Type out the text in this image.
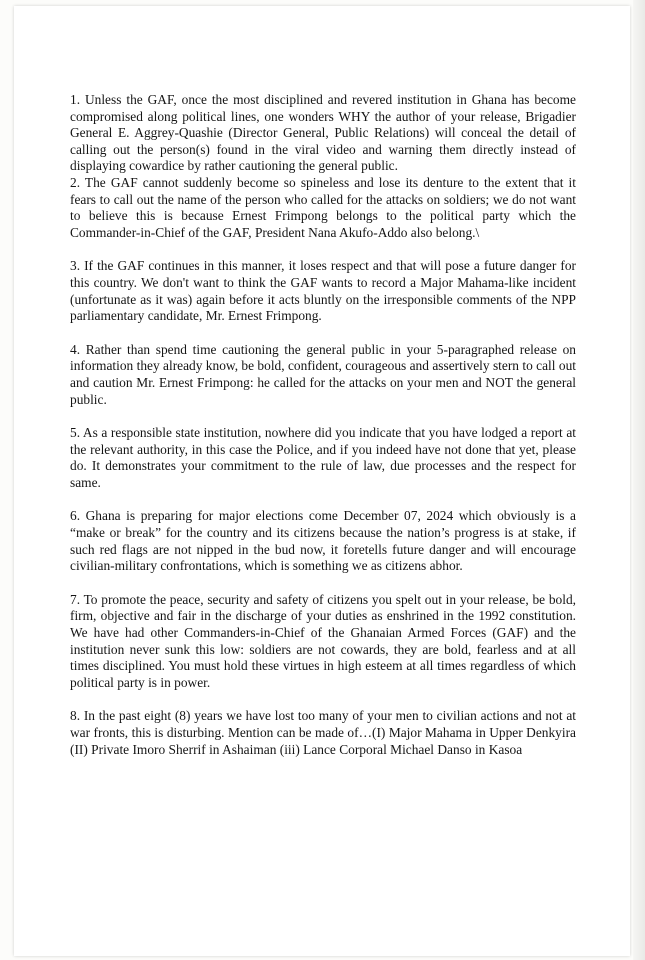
1. Unless the GAF, once the most disciplined and revered institution in Ghana has become compromised along political lines, one wonders WHY the author of your release, Brigadier General E. Aggrey-Quashie (Director General, Public Relations) will conceal the detail of calling out the person(s) found in the viral video and warning them directly instead of displaying cowardice by rather cautioning the general public.

2. The GAF cannot suddenly become so spineless and lose its denture to the extent that it fears to call out the name of the person who called for the attacks on soldiers; we do not want to believe this is because Ernest Frimpong belongs to the political party which the Commander-in-Chief of the GAF, President Nana Akufo-Addo also belong.\

3. If the GAF continues in this manner, it loses respect and that will pose a future danger for this country. We don't want to think the GAF wants to record a Major Mahama-like incident (unfortunate as it was) again before it acts bluntly on the irresponsible comments of the NPP parliamentary candidate, Mr. Ernest Frimpong.

4. Rather than spend time cautioning the general public in your 5-paragraphed release on information they already know, be bold, confident, courageous and assertively stern to call out and caution Mr. Ernest Frimpong: he called for the attacks on your men and NOT the general public.

5. As a responsible state institution, nowhere did you indicate that you have lodged a report at the relevant authority, in this case the Police, and if you indeed have not done that yet, please do. It demonstrates your commitment to the rule of law, due processes and the respect for same.

6. Ghana is preparing for major elections come December 07, 2024 which obviously is a “make or break” for the country and its citizens because the nation’s progress is at stake, if such red flags are not nipped in the bud now, it foretells future danger and will encourage civilian-military confrontations, which is something we as citizens abhor.

7. To promote the peace, security and safety of citizens you spelt out in your release, be bold, firm, objective and fair in the discharge of your duties as enshrined in the 1992 constitution. We have had other Commanders-in-Chief of the Ghanaian Armed Forces (GAF) and the institution never sunk this low: soldiers are not cowards, they are bold, fearless and at all times disciplined. You must hold these virtues in high esteem at all times regardless of which political party is in power.

8. In the past eight (8) years we have lost too many of your men to civilian actions and not at war fronts, this is disturbing. Mention can be made of…(I) Major Mahama in Upper Denkyira (II) Private Imoro Sherrif in Ashaiman (iii) Lance Corporal Michael Danso in Kasoa
